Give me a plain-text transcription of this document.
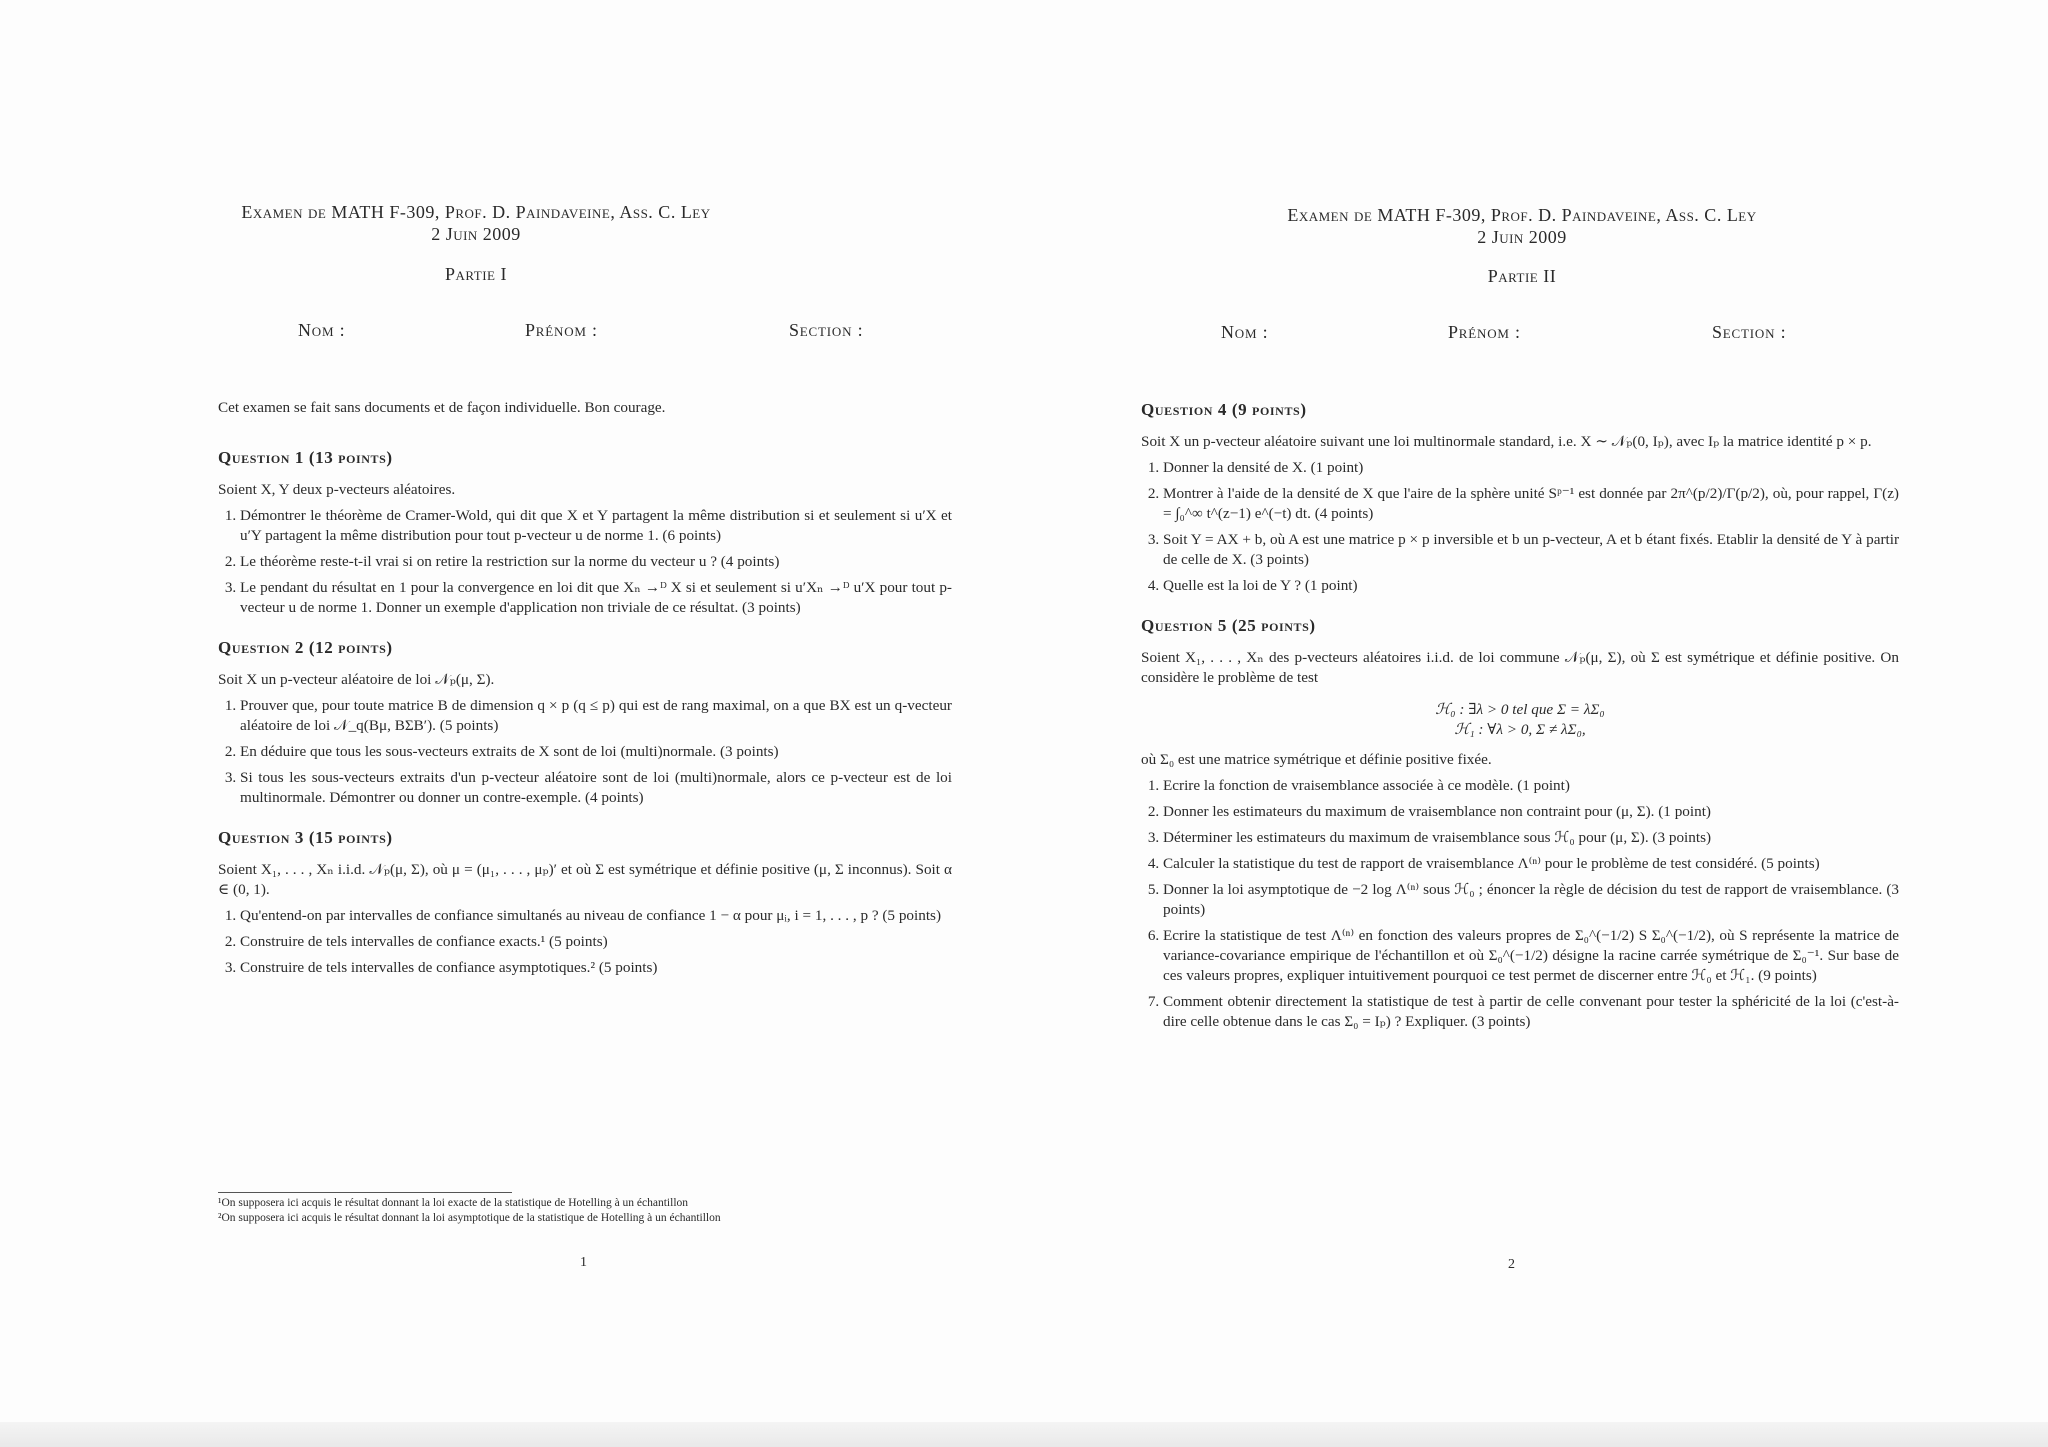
Examen de MATH F-309, Prof. D. Paindaveine, Ass. C. Ley
2 Juin 2009
Partie I
Nom :	Prénom :	Section :

Cet examen se fait sans documents et de façon individuelle. Bon courage.

Question 1 (13 points)

Soient X, Y deux p-vecteurs aléatoires.

1. Démontrer le théorème de Cramer-Wold, qui dit que X et Y partagent la même distribution si et seulement si u′X et u′Y partagent la même distribution pour tout p-vecteur u de norme 1. (6 points)
2. Le théorème reste-t-il vrai si on retire la restriction sur la norme du vecteur u ? (4 points)
3. Le pendant du résultat en 1 pour la convergence en loi dit que Xₙ →ᴰ X si et seulement si u′Xₙ →ᴰ u′X pour tout p-vecteur u de norme 1. Donner un exemple d'application non triviale de ce résultat. (3 points)
Question 2 (12 points)

Soit X un p-vecteur aléatoire de loi 𝒩ₚ(μ, Σ).

1. Prouver que, pour toute matrice B de dimension q × p (q ≤ p) qui est de rang maximal, on a que BX est un q-vecteur aléatoire de loi 𝒩_q(Bμ, BΣB′). (5 points)
2. En déduire que tous les sous-vecteurs extraits de X sont de loi (multi)normale. (3 points)
3. Si tous les sous-vecteurs extraits d'un p-vecteur aléatoire sont de loi (multi)normale, alors ce p-vecteur est de loi multinormale. Démontrer ou donner un contre-exemple. (4 points)
Question 3 (15 points)

Soient X₁, . . . , Xₙ i.i.d. 𝒩ₚ(μ, Σ), où μ = (μ₁, . . . , μₚ)′ et où Σ est symétrique et définie positive (μ, Σ inconnus). Soit α ∈ (0, 1).

1. Qu'entend-on par intervalles de confiance simultanés au niveau de confiance 1 − α pour μᵢ, i = 1, . . . , p ? (5 points)
2. Construire de tels intervalles de confiance exacts.¹ (5 points)
3. Construire de tels intervalles de confiance asymptotiques.² (5 points)
¹On supposera ici acquis le résultat donnant la loi exacte de la statistique de Hotelling à un échantillon
²On supposera ici acquis le résultat donnant la loi asymptotique de la statistique de Hotelling à un échantillon
1
Examen de MATH F-309, Prof. D. Paindaveine, Ass. C. Ley
2 Juin 2009
Partie II
Nom :	Prénom :	Section :
Question 4 (9 points)

Soit X un p-vecteur aléatoire suivant une loi multinormale standard, i.e. X ∼ 𝒩ₚ(0, Iₚ), avec Iₚ la matrice identité p × p.

1. Donner la densité de X. (1 point)
2. Montrer à l'aide de la densité de X que l'aire de la sphère unité Sᵖ⁻¹ est donnée par 2π^(p/2)/Γ(p/2), où, pour rappel, Γ(z) = ∫₀^∞ t^(z−1) e^(−t) dt. (4 points)
3. Soit Y = AX + b, où A est une matrice p × p inversible et b un p-vecteur, A et b étant fixés. Etablir la densité de Y à partir de celle de X. (3 points)
4. Quelle est la loi de Y ? (1 point)
Question 5 (25 points)

Soient X₁, . . . , Xₙ des p-vecteurs aléatoires i.i.d. de loi commune 𝒩ₚ(μ, Σ), où Σ est symétrique et définie positive. On considère le problème de test

ℋ₀ : ∃λ > 0 tel que Σ = λΣ₀
ℋ₁ : ∀λ > 0, Σ ≠ λΣ₀,

où Σ₀ est une matrice symétrique et définie positive fixée.

1. Ecrire la fonction de vraisemblance associée à ce modèle. (1 point)
2. Donner les estimateurs du maximum de vraisemblance non contraint pour (μ, Σ). (1 point)
3. Déterminer les estimateurs du maximum de vraisemblance sous ℋ₀ pour (μ, Σ). (3 points)
4. Calculer la statistique du test de rapport de vraisemblance Λ⁽ⁿ⁾ pour le problème de test considéré. (5 points)
5. Donner la loi asymptotique de −2 log Λ⁽ⁿ⁾ sous ℋ₀ ; énoncer la règle de décision du test de rapport de vraisemblance. (3 points)
6. Ecrire la statistique de test Λ⁽ⁿ⁾ en fonction des valeurs propres de Σ₀^(−1/2) S Σ₀^(−1/2), où S représente la matrice de variance-covariance empirique de l'échantillon et où Σ₀^(−1/2) désigne la racine carrée symétrique de Σ₀⁻¹. Sur base de ces valeurs propres, expliquer intuitivement pourquoi ce test permet de discerner entre ℋ₀ et ℋ₁. (9 points)
7. Comment obtenir directement la statistique de test à partir de celle convenant pour tester la sphéricité de la loi (c'est-à-dire celle obtenue dans le cas Σ₀ = Iₚ) ? Expliquer. (3 points)
2
